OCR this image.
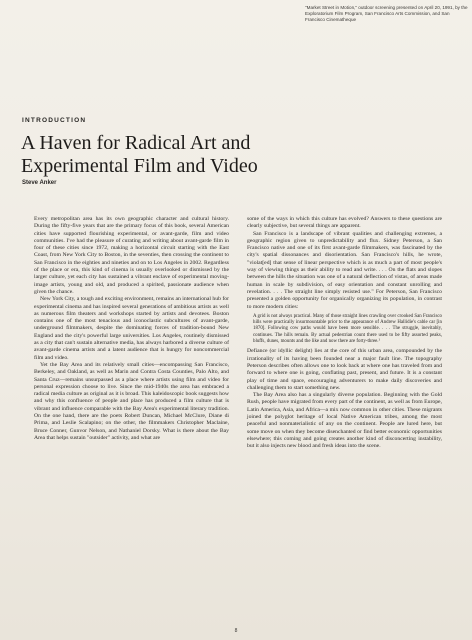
"Market Street in Motion," outdoor screening presented on April 20, 1991, by the Exploratorium Film Program, San Francisco Arts Commission, and San Francisco Cinematheque

INTRODUCTION

A Haven for Radical Art and Experimental Film and Video

Steve Anker

Every metropolitan area has its own geographic character and cultural history. During the fifty-five years that are the primary focus of this book, several American cities have supported flourishing experimental, or avant-garde, film and video communities. I've had the pleasure of curating and writing about avant-garde film in four of these cities since 1972, making a horizontal circuit starting with the East Coast, from New York City to Boston, in the seventies, then crossing the continent to San Francisco in the eighties and nineties and on to Los Angeles in 2002. Regardless of the place or era, this kind of cinema is usually overlooked or dismissed by the larger culture, yet each city has sustained a vibrant enclave of experimental moving-image artists, young and old, and produced a spirited, passionate audience when given the chance.

New York City, a tough and exciting environment, remains an international hub for experimental cinema and has inspired several generations of ambitious artists as well as numerous film theaters and workshops started by artists and devotees. Boston contains one of the most tenacious and iconoclastic subcultures of avant-garde, underground filmmakers, despite the dominating forces of tradition-bound New England and the city's powerful large universities. Los Angeles, routinely dismissed as a city that can't sustain alternative media, has always harbored a diverse culture of avant-garde cinema artists and a latent audience that is hungry for noncommercial film and video.

Yet the Bay Area and its relatively small cities—encompassing San Francisco, Berkeley, and Oakland, as well as Marin and Contra Costa Counties, Palo Alto, and Santa Cruz—remains unsurpassed as a place where artists using film and video for personal expression choose to live. Since the mid-1940s the area has embraced a radical media culture as original as it is broad. This kaleidoscopic book suggests how and why this confluence of people and place has produced a film culture that is vibrant and influence comparable with the Bay Area's experimental literary tradition. On the one hand, there are the poets Robert Duncan, Michael McClure, Diane di Prima, and Leslie Scalapino; on the other, the filmmakers Christopher Maclaine, Bruce Conner, Gunvor Nelson, and Nathaniel Dorsky. What is there about the Bay Area that helps sustain "outsider" activity, and what are

some of the ways in which this culture has evolved? Answers to these questions are clearly subjective, but several things are apparent.

San Francisco is a landscape of vibrant qualities and challenging extremes, a geographic region given to unpredictability and flux. Sidney Peterson, a San Francisco native and one of its first avant-garde filmmakers, was fascinated by the city's spatial dissonances and disorientation. San Francisco's hills, he wrote, "violat[ed] that sense of linear perspective which is as much a part of most people's way of viewing things as their ability to read and write. . . . On the flats and slopes between the hills the situation was one of a natural deflection of vistas, of areas made human in scale by subdivision, of easy orientation and constant unrolling and revelation. . . . The straight line simply resisted use." For Peterson, San Francisco presented a golden opportunity for organically organizing its population, in contrast to more modern cities:

A grid is not always practical. Many of those straight lines crawling over crooked San Francisco hills were practically insurmountable prior to the appearance of Andrew Hallidie's cable car [in 1870]. Following cow paths would have been more sensible. . . . The struggle, inevitably, continues. The hills remain. By actual pedestrian count there used to be fifty assorted peaks, bluffs, dunes, mounts and the like and now there are forty-three.¹

Defiance (or idyllic delight) lies at the core of this urban area, compounded by the irrationality of its having been founded near a major fault line. The topography Peterson describes often allows one to look back at where one has traveled from and forward to where one is going, conflating past, present, and future. It is a constant play of time and space, encouraging adventurers to make daily discoveries and challenging them to start something new.

The Bay Area also has a singularly diverse population. Beginning with the Gold Rush, people have migrated from every part of the continent, as well as from Europe, Latin America, Asia, and Africa—a mix now common in other cities. These migrants joined the polyglot heritage of local Native American tribes, among the most peaceful and nonmaterialistic of any on the continent. People are lured here, but some move on when they become disenchanted or find better economic opportunities elsewhere; this coming and going creates another kind of disconcerting instability, but it also injects new blood and fresh ideas into the scene.

8
